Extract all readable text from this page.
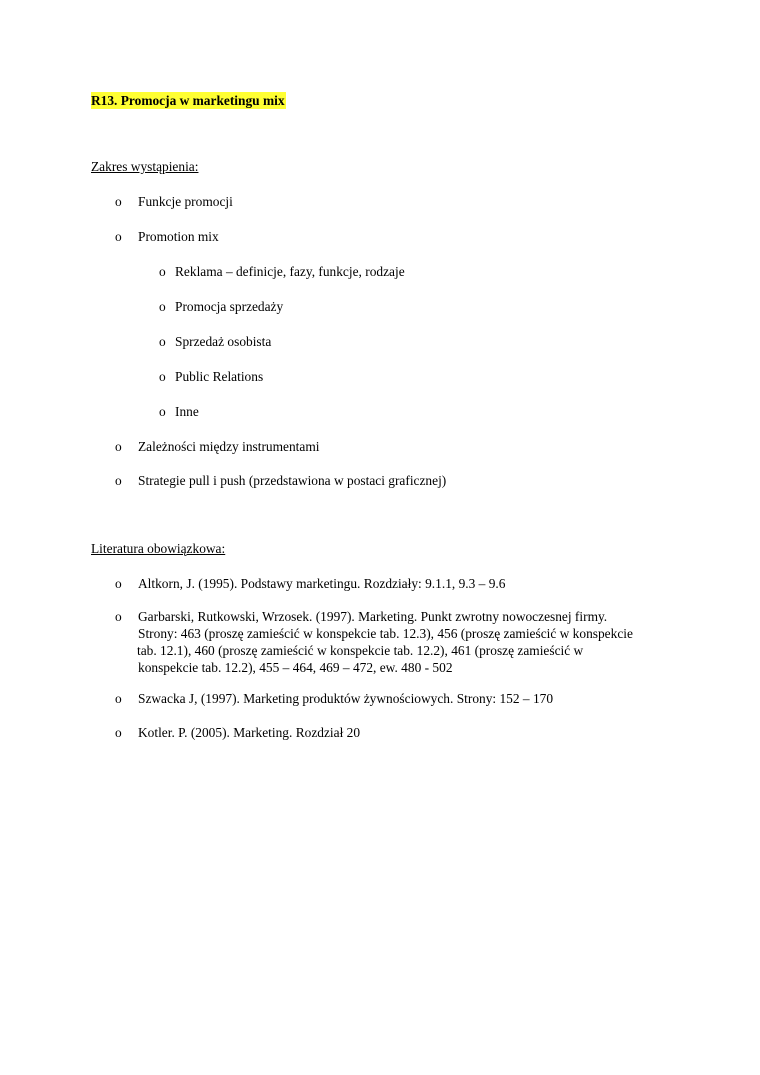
R13. Promocja w marketingu mix
Zakres wystąpienia:
o	Funkcje promocji
o	Promotion mix
o Reklama – definicje, fazy, funkcje, rodzaje
o Promocja sprzedaży
o Sprzedaż osobista
o Public Relations
o Inne
o	Zależności między instrumentami
o	Strategie pull i push (przedstawiona w postaci graficznej)
Literatura obowiązkowa:
o	Altkorn, J. (1995). Podstawy marketingu. Rozdziały: 9.1.1, 9.3 – 9.6
o	Garbarski, Rutkowski, Wrzosek. (1997). Marketing. Punkt zwrotny nowoczesnej firmy.
Strony: 463 (proszę zamieścić w konspekcie tab. 12.3), 456 (proszę zamieścić w konspekcie
tab. 12.1), 460 (proszę zamieścić w konspekcie tab. 12.2), 461 (proszę zamieścić w
konspekcie tab. 12.2), 455 – 464, 469 – 472, ew. 480 - 502
o	Szwacka J, (1997). Marketing produktów żywnościowych. Strony: 152 – 170
o	Kotler. P. (2005). Marketing. Rozdział 20
